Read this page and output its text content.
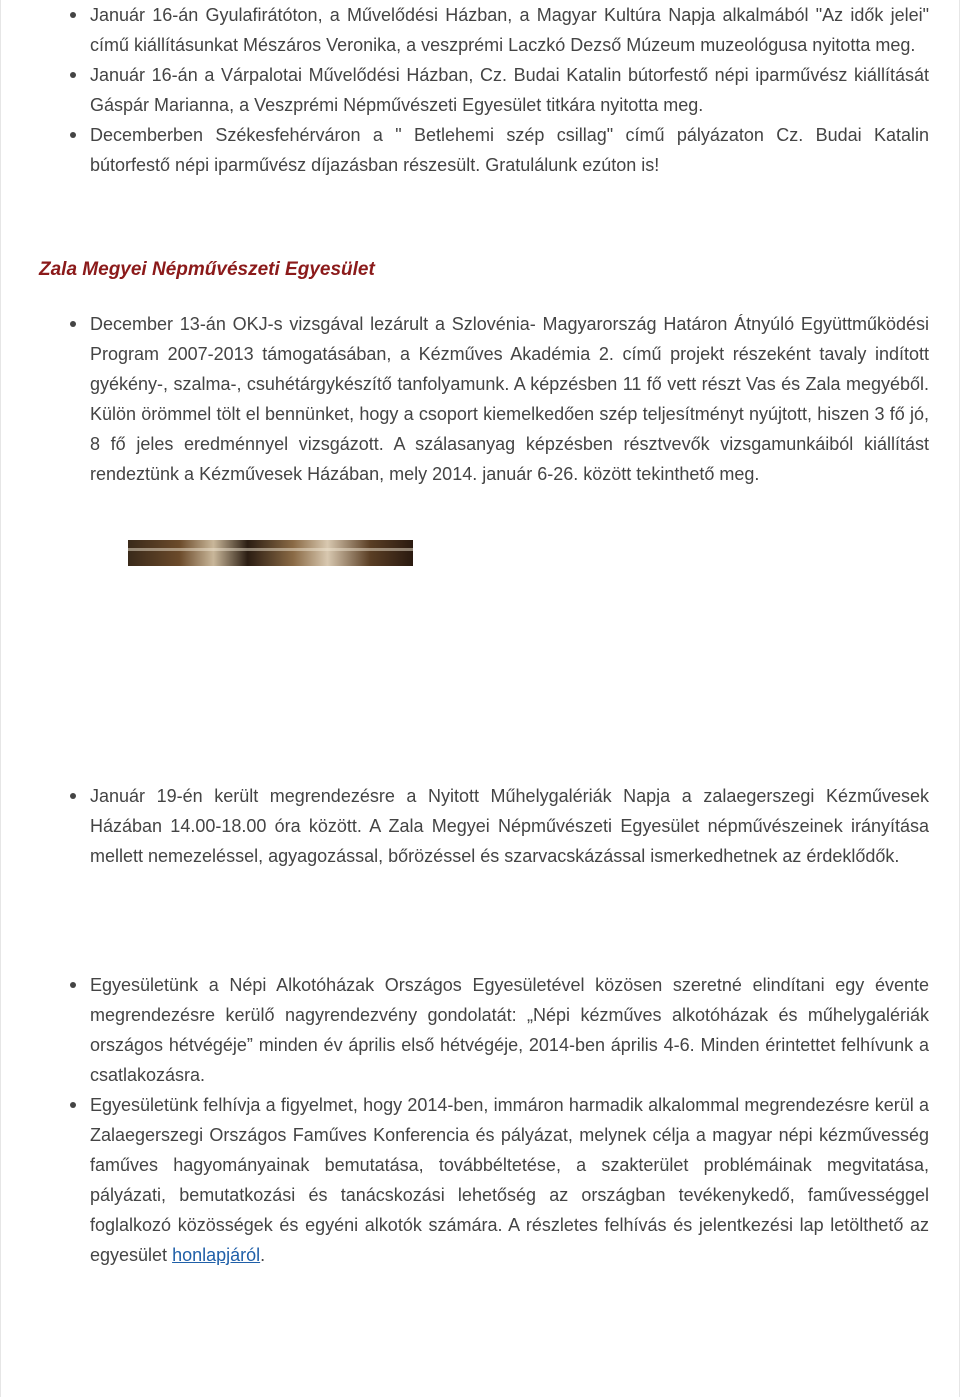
Január 16-án Gyulafirátóton, a Művelődési Házban, a Magyar Kultúra Napja alkalmából "Az idők jelei" című kiállításunkat Mészáros Veronika, a veszprémi Laczkó Dezső Múzeum muzeológusa nyitotta meg.
Január 16-án a Várpalotai Művelődési Házban, Cz. Budai Katalin bútorfestő népi iparművész kiállítását Gáspár Marianna, a Veszprémi Népművészeti Egyesület titkára nyitotta meg.
Decemberben Székesfehérváron a " Betlehemi szép csillag" című pályázaton Cz. Budai Katalin bútorfestő népi iparművész díjazásban részesült. Gratulálunk ezúton is!
Zala Megyei Népművészeti Egyesület
December 13-án OKJ-s vizsgával lezárult a Szlovénia- Magyarország Határon Átnyúló Együttműködési Program 2007-2013 támogatásában, a Kézműves Akadémia 2. című projekt részeként tavaly indított gyékény-, szalma-, csuhétárgykészítő tanfolyamunk. A képzésben 11 fő vett részt Vas és Zala megyéből. Külön örömmel tölt el bennünket, hogy a csoport kiemelkedően szép teljesítményt nyújtott, hiszen 3 fő jó, 8 fő jeles eredménnyel vizsgázott. A szálasanyag képzésben résztvevők vizsgamunkáiból kiállítást rendeztünk a Kézművesek Házában, mely 2014. január 6-26. között tekinthető meg.
Január 19-én került megrendezésre a Nyitott Műhelygalériák Napja a zalaegerszegi Kézművesek Házában 14.00-18.00 óra között. A Zala Megyei Népművészeti Egyesület népművészeinek irányítása mellett nemezeléssel, agyagozással, bőrözéssel és szarvacskázással ismerkedhetnek az érdeklődők.
Egyesületünk a Népi Alkotóházak Országos Egyesületével közösen szeretné elindítani egy évente megrendezésre kerülő nagyrendezvény gondolatát: „Népi kézműves alkotóházak és műhelygalériák országos hétvégéje” minden év április első hétvégéje, 2014-ben április 4-6. Minden érintettet felhívunk a csatlakozásra.
Egyesületünk felhívja a figyelmet, hogy 2014-ben, immáron harmadik alkalommal megrendezésre kerül a Zalaegerszegi Országos Faműves Konferencia és pályázat, melynek célja a magyar népi kézművesség faműves hagyományainak bemutatása, továbbéltetése, a szakterület problémáinak megvitatása, pályázati, bemutatkozási és tanácskozási lehetőség az országban tevékenykedő, faművességgel foglalkozó közösségek és egyéni alkotók számára. A részletes felhívás és jelentkezési lap letölthető az egyesület honlapjáról.
